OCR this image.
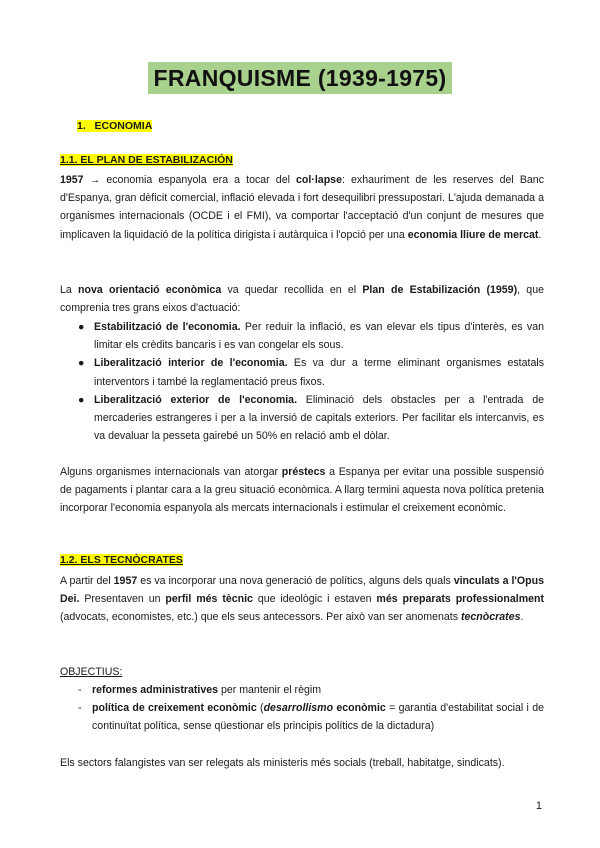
FRANQUISME (1939-1975)
1. ECONOMIA
1.1. EL PLAN DE ESTABILIZACIÓN
1957 → economia espanyola era a tocar del col·lapse: exhauriment de les reserves del Banc d'Espanya, gran dèficit comercial, inflació elevada i fort desequilibri pressupostari. L'ajuda demanada a organismes internacionals (OCDE i el FMI), va comportar l'acceptació d'un conjunt de mesures que implicaven la liquidació de la política dirigista i autàrquica i l'opció per una economia lliure de mercat.
La nova orientació econòmica va quedar recollida en el Plan de Estabilización (1959), que comprenia tres grans eixos d'actuació:
● Estabilització de l'economia. Per reduir la inflació, es van elevar els tipus d'interès, es van limitar els crèdits bancaris i es van congelar els sous.
● Liberalització interior de l'economia. Es va dur a terme eliminant organismes estatals interventors i també la reglamentació preus fixos.
● Liberalització exterior de l'economia. Eliminació dels obstacles per a l'entrada de mercaderies estrangeres i per a la inversió de capitals exteriors. Per facilitar els intercanvis, es va devaluar la pesseta gairebé un 50% en relació amb el dòlar.
Alguns organismes internacionals van atorgar préstecs a Espanya per evitar una possible suspensió de pagaments i plantar cara a la greu situació econòmica. A llarg termini aquesta nova política pretenia incorporar l'economia espanyola als mercats internacionals i estimular el creixement econòmic.
1.2. ELS TECNÒCRATES
A partir del 1957 es va incorporar una nova generació de polítics, alguns dels quals vinculats a l'Opus Dei. Presentaven un perfil més tècnic que ideològic i estaven més preparats professionalment (advocats, economistes, etc.) que els seus antecessors. Per això van ser anomenats tecnòcrates.
OBJECTIUS:
- reformes administratives per mantenir el règim
- política de creixement econòmic (desarrollismo econòmic = garantia d'estabilitat social i de continuïtat política, sense qüestionar els principis polítics de la dictadura)
Els sectors falangistes van ser relegats als ministeris més socials (treball, habitatge, sindicats).
1
